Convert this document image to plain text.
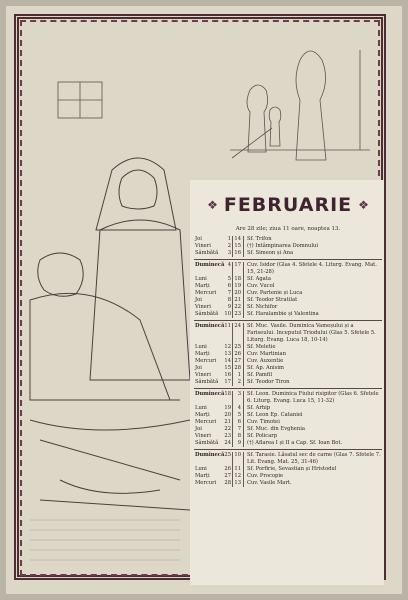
❖ FEBRUARIE ❖
Are 28 zile; ziua 11 oare, noaptea 13.
Joi	1 14	Sf. Trifon
Vineri	2 15	(†) Intâmpinarea Domnului
Sâmbătă	3 16	Sf. Simeon și Ana
Duminecă 4 17	Cuv. Isidor (Glas 4. Sfetele 4. Liturg. Evang. Mat. 15, 21-28)
Luni	5 18	Sf. Agata
Marți	6 19	Cuv. Vucol
Mercuri	7 20	Cuv. Partenie și Luca
Joi	8 21	Sf. Teodor Stratilat
Vineri	9 22	Sf. Nichifor
Sâmbătă	10 23	Sf. Haralambie și Valentina
Duminecă 11 24	Sf. Muc. Vasile. Duminica Vameșului și a Fariseului. Inceputul Triodului (Glas 5. Sfetele 5. Liturg. Evang. Luca 18, 10-14)
Luni	12 25	Sf. Meletie
Marți	13 26	Cuv. Martinian
Mercuri	14 27	Cuv. Auxentie
Joi	15 28	Sf. Ap. Anisim
Vineri	16	1	Sf. Pamfil
Sâmbătă	17	2	Sf. Teodor Tiron
Duminecă 18	3	Sf. Leon. Duminica Fiului risipitor (Glas 6. Sfetele 6. Liturg. Evang. Luca 15, 11-32)
Luni	19	4	Sf. Arhip
Marți	20	5	Sf. Leon Ep. Cataniei
Mercuri	21	6	Cuv. Timotei
Joi	22	7	Sf. Muc. din Evghenia
Vineri	23	8	Sf. Policarp
Sâmbătă	24	9	(†) Aflarea I și II a Cap. Sf. Ioan Bot.
Duminecă 25 10	Sf. Tarasie. Lăsatul sec de carne (Glas 7. Sfetele 7. Lit. Evang. Mat. 25, 31-46)
Luni	26 11	Sf. Porfirie, Sevastian și Hristodul
Marți	27 12	Cuv. Procopie
Mercuri	28 13	Cuv. Vasile Mart.
